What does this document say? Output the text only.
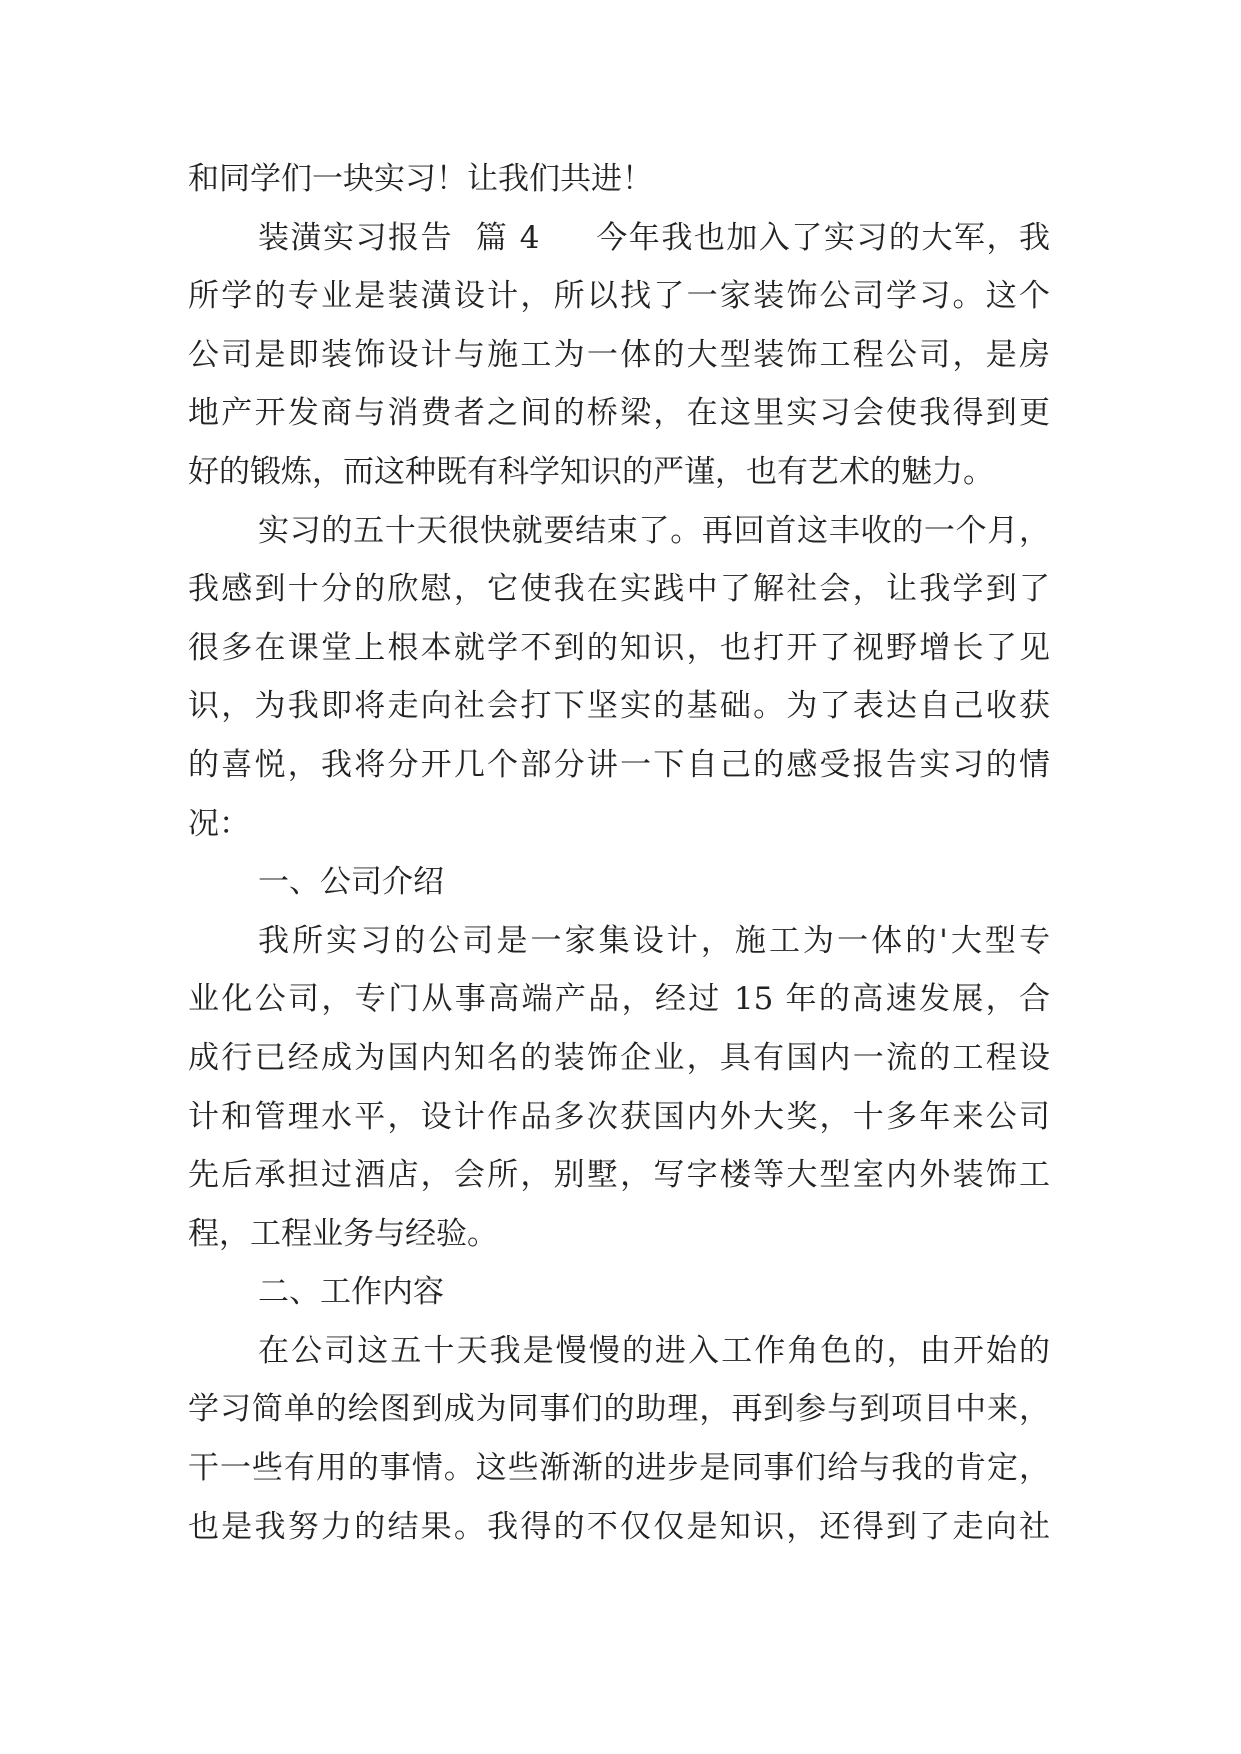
和同学们一块实习！让我们共进！
装潢实习报告  篇 4     今年我也加入了实习的大军，我
所学的专业是装潢设计，所以找了一家装饰公司学习。这个
公司是即装饰设计与施工为一体的大型装饰工程公司，是房
地产开发商与消费者之间的桥梁，在这里实习会使我得到更
好的锻炼，而这种既有科学知识的严谨，也有艺术的魅力。
实习的五十天很快就要结束了。再回首这丰收的一个月，
我感到十分的欣慰，它使我在实践中了解社会，让我学到了
很多在课堂上根本就学不到的知识，也打开了视野增长了见
识，为我即将走向社会打下坚实的基础。为了表达自己收获
的喜悦，我将分开几个部分讲一下自己的感受报告实习的情
况：
一、公司介绍
我所实习的公司是一家集设计，施工为一体的'大型专
业化公司，专门从事高端产品，经过 15 年的高速发展，合
成行已经成为国内知名的装饰企业，具有国内一流的工程设
计和管理水平，设计作品多次获国内外大奖，十多年来公司
先后承担过酒店，会所，别墅，写字楼等大型室内外装饰工
程，工程业务与经验。
二、工作内容
在公司这五十天我是慢慢的进入工作角色的，由开始的
学习简单的绘图到成为同事们的助理，再到参与到项目中来，
干一些有用的事情。这些渐渐的进步是同事们给与我的肯定，
也是我努力的结果。我得的不仅仅是知识，还得到了走向社
